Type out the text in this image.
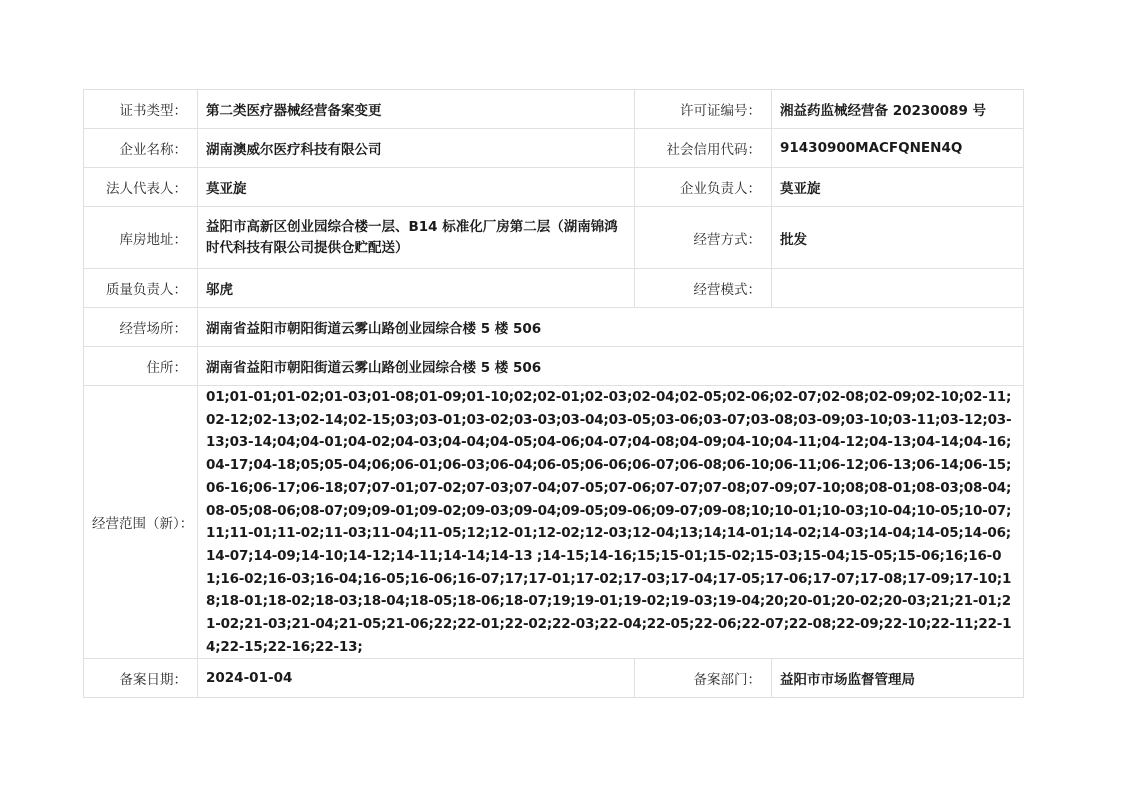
证书类型：	第二类医疗器械经营备案变更	许可证编号：	湘益药监械经营备 20230089 号
企业名称：	湖南澳威尔医疗科技有限公司	社会信用代码：	91430900MACFQNEN4Q
法人代表人：	莫亚旋	企业负责人：	莫亚旋
库房地址：	益阳市高新区创业园综合楼一层、B14 标准化厂房第二层（湖南锦鸿时代科技有限公司提供仓贮配送）	经营方式：	批发
质量负责人：	邬虎	经营模式：	
经营场所：	湖南省益阳市朝阳街道云雾山路创业园综合楼 5 楼 506		
住所：	湖南省益阳市朝阳街道云雾山路创业园综合楼 5 楼 506		
经营范围（新）：	01;01-01;01-02;01-03;01-08;01-09;01-10;02;02-01;02-03;02-04;02-05;02-06;02-07;02-08;02-09;02-10;02-11;02-12;02-13;02-14;02-15;03;03-01;03-02;03-03;03-04;03-05;03-06;03-07;03-08;03-09;03-10;03-11;03-12;03-13;03-14;04;04-01;04-02;04-03;04-04;04-05;04-06;04-07;04-08;04-09;04-10;04-11;04-12;04-13;04-14;04-16;04-17;04-18;05;05-04;06;06-01;06-03;06-04;06-05;06-06;06-07;06-08;06-10;06-11;06-12;06-13;06-14;06-15;06-16;06-17;06-18;07;07-01;07-02;07-03;07-04;07-05;07-06;07-07;07-08;07-09;07-10;08;08-01;08-03;08-04;08-05;08-06;08-07;09;09-01;09-02;09-03;09-04;09-05;09-06;09-07;09-08;10;10-01;10-03;10-04;10-05;10-07;11;11-01;11-02;11-03;11-04;11-05;12;12-01;12-02;12-03;12-04;13;14;14-01;14-02;14-03;14-04;14-05;14-06;14-07;14-09;14-10;14-12;14-11;14-14;14-13 ;14-15;14-16;15;15-01;15-02;15-03;15-04;15-05;15-06;16;16-01;16-02;16-03;16-04;16-05;16-06;16-07;17;17-01;17-02;17-03;17-04;17-05;17-06;17-07;17-08;17-09;17-10;18;18-01;18-02;18-03;18-04;18-05;18-06;18-07;19;19-01;19-02;19-03;19-04;20;20-01;20-02;20-03;21;21-01;21-02;21-03;21-04;21-05;21-06;22;22-01;22-02;22-03;22-04;22-05;22-06;22-07;22-08;22-09;22-10;22-11;22-14;22-15;22-16;22-13;		
备案日期：	2024-01-04	备案部门：	益阳市市场监督管理局
